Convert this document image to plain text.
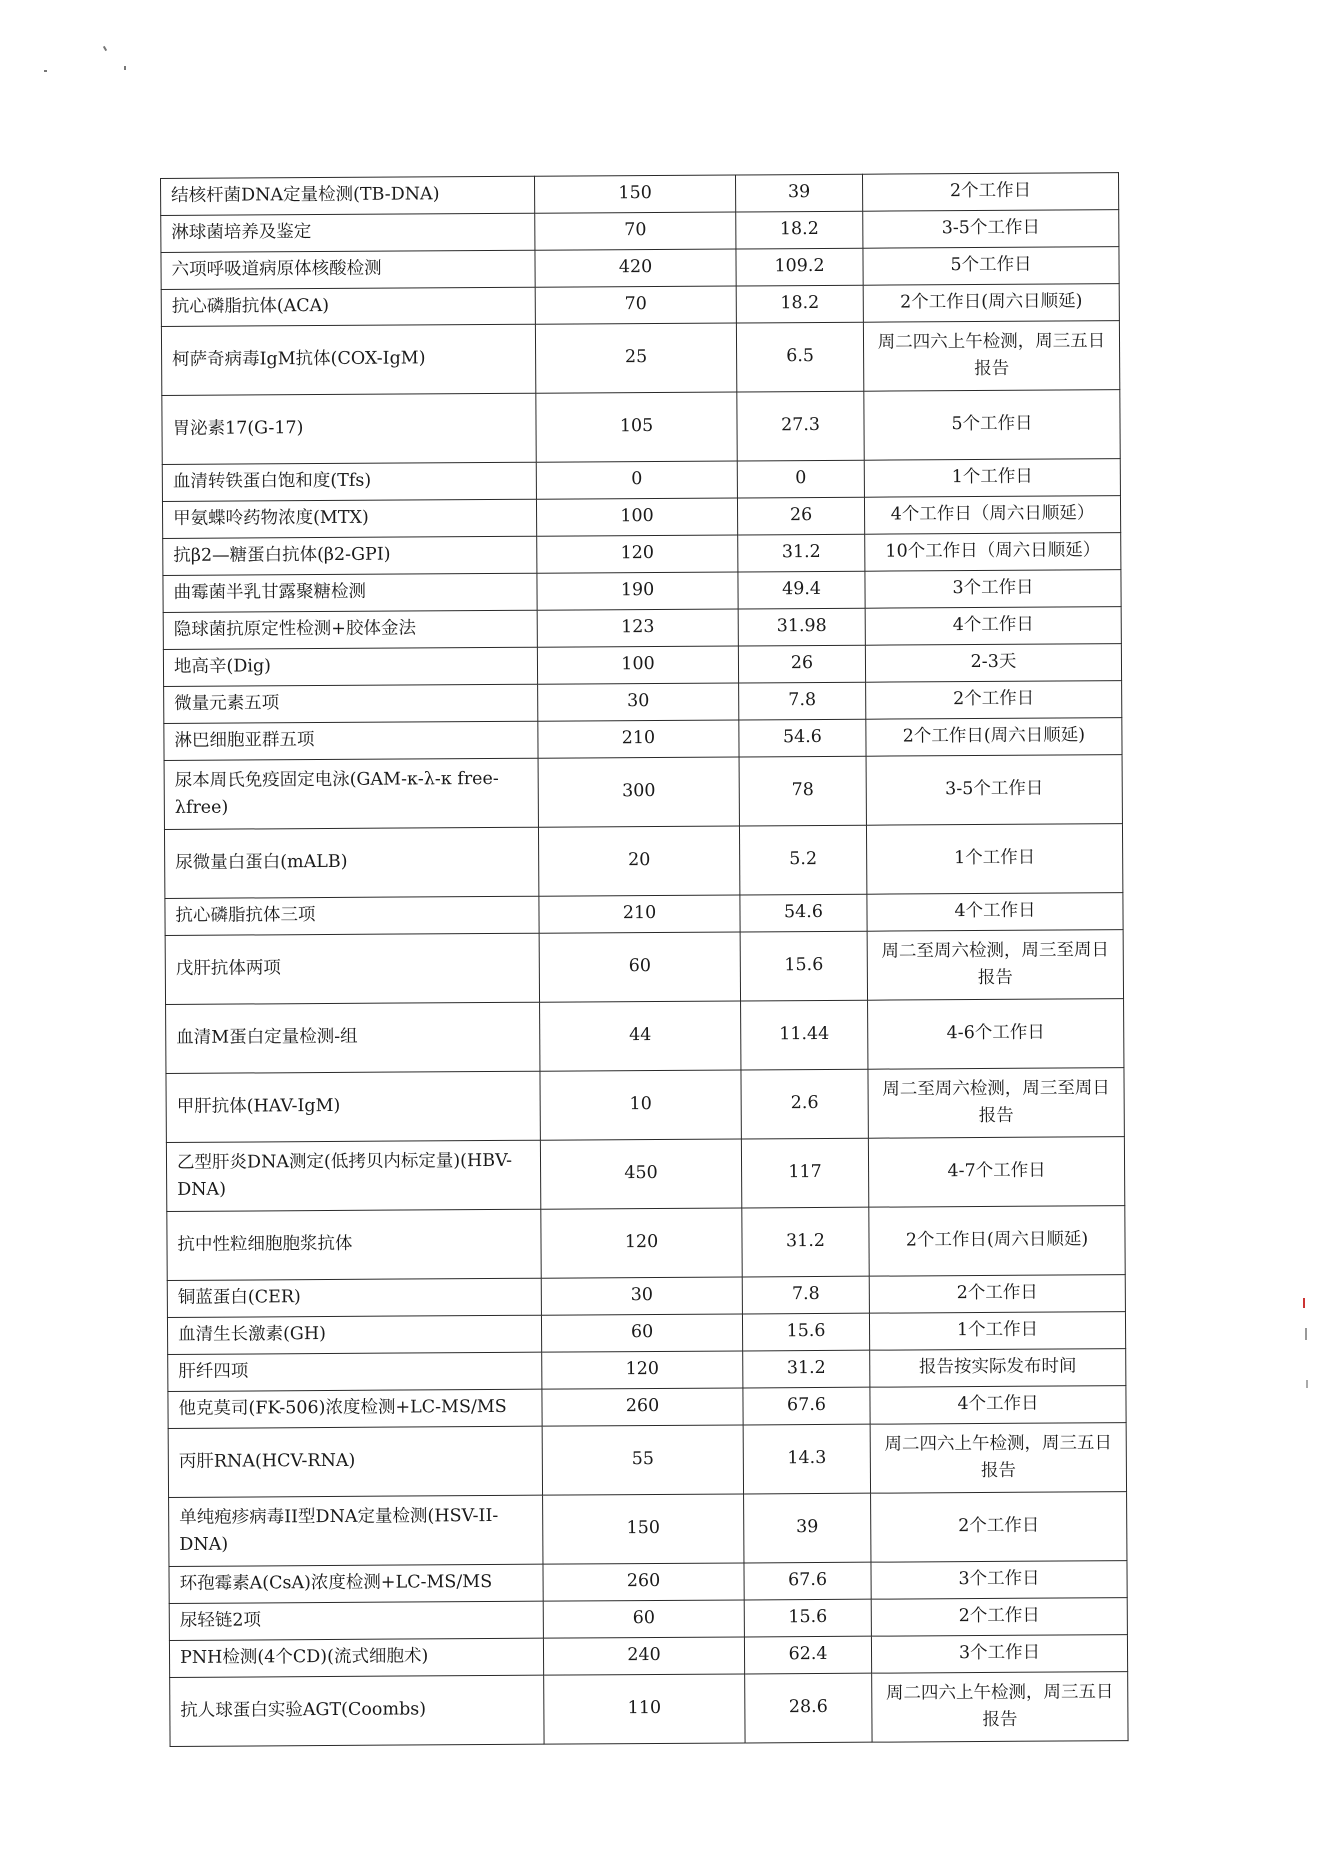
结核杆菌DNA定量检测(TB-DNA)	150	39	2个工作日
淋球菌培养及鉴定	70	18.2	3-5个工作日
六项呼吸道病原体核酸检测	420	109.2	5个工作日
抗心磷脂抗体(ACA)	70	18.2	2个工作日(周六日顺延)
柯萨奇病毒IgM抗体(COX-IgM)	25	6.5	周二四六上午检测，周三五日报告
胃泌素17(G-17)	105	27.3	5个工作日
血清转铁蛋白饱和度(Tfs)	0	0	1个工作日
甲氨蝶呤药物浓度(MTX)	100	26	4个工作日（周六日顺延）
抗β2—糖蛋白抗体(β2-GPI)	120	31.2	10个工作日（周六日顺延）
曲霉菌半乳甘露聚糖检测	190	49.4	3个工作日
隐球菌抗原定性检测+胶体金法	123	31.98	4个工作日
地高辛(Dig)	100	26	2-3天
微量元素五项	30	7.8	2个工作日
淋巴细胞亚群五项	210	54.6	2个工作日(周六日顺延)
尿本周氏免疫固定电泳(GAM-κ-λ-κ free-λfree)	300	78	3-5个工作日
尿微量白蛋白(mALB)	20	5.2	1个工作日
抗心磷脂抗体三项	210	54.6	4个工作日
戊肝抗体两项	60	15.6	周二至周六检测，周三至周日报告
血清M蛋白定量检测-组	44	11.44	4-6个工作日
甲肝抗体(HAV-IgM)	10	2.6	周二至周六检测，周三至周日报告
乙型肝炎DNA测定(低拷贝内标定量)(HBV-DNA)	450	117	4-7个工作日
抗中性粒细胞胞浆抗体	120	31.2	2个工作日(周六日顺延)
铜蓝蛋白(CER)	30	7.8	2个工作日
血清生长激素(GH)	60	15.6	1个工作日
肝纤四项	120	31.2	报告按实际发布时间
他克莫司(FK-506)浓度检测+LC-MS/MS	260	67.6	4个工作日
丙肝RNA(HCV-RNA)	55	14.3	周二四六上午检测，周三五日报告
单纯疱疹病毒II型DNA定量检测(HSV-II-DNA)	150	39	2个工作日
环孢霉素A(CsA)浓度检测+LC-MS/MS	260	67.6	3个工作日
尿轻链2项	60	15.6	2个工作日
PNH检测(4个CD)(流式细胞术)	240	62.4	3个工作日
抗人球蛋白实验AGT(Coombs)	110	28.6	周二四六上午检测，周三五日报告
